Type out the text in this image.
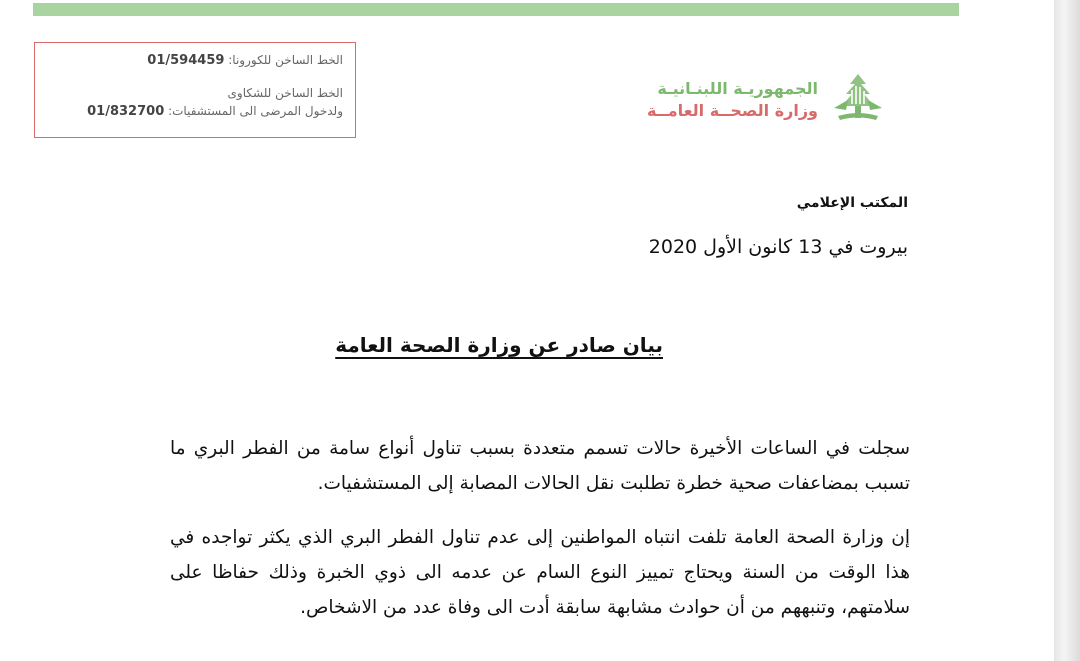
الخط الساخن للكورونا: 01/594459
الخط الساخن للشكاوى
ولدخول المرضى الى المستشفيات: 01/832700
الجمهوريـة اللبنـانيـة
وزارة الصحــة العامــة
المكتب الإعلامي
بيروت في 13 كانون الأول 2020
بيان صادر عن وزارة الصحة العامة
سجلت في الساعات الأخيرة حالات تسمم متعددة بسبب تناول أنواع سامة من الفطر البري ما تسبب بمضاعفات صحية خطرة تطلبت نقل الحالات المصابة إلى المستشفيات.
إن وزارة الصحة العامة تلفت انتباه المواطنين إلى عدم تناول الفطر البري الذي يكثر تواجده في هذا الوقت من السنة ويحتاج تمييز النوع السام عن عدمه الى ذوي الخبرة وذلك حفاظا على سلامتهم، وتنبههم من أن حوادث مشابهة سابقة أدت الى وفاة عدد من الاشخاص.
